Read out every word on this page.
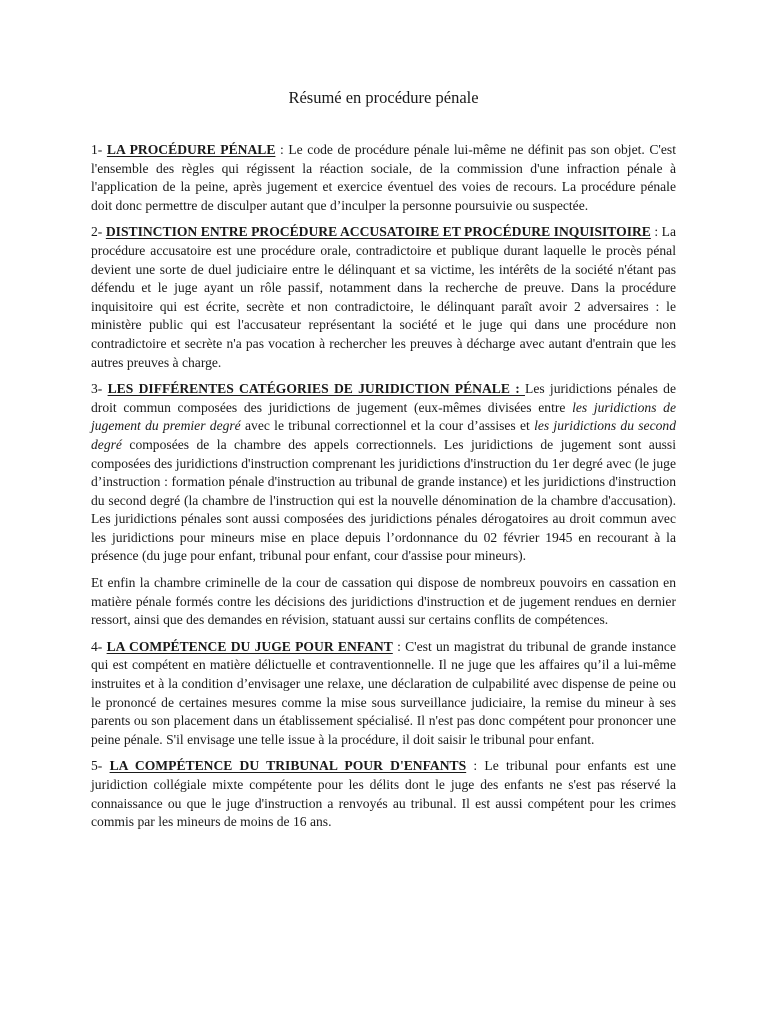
Résumé en procédure pénale

1- LA PROCÉDURE PÉNALE : Le code de procédure pénale lui-même ne définit pas son objet. C'est l'ensemble des règles qui régissent la réaction sociale, de la commission d'une infraction pénale à l'application de la peine, après jugement et exercice éventuel des voies de recours. La procédure pénale doit donc permettre de disculper autant que d’inculper la personne poursuivie ou suspectée.

2- DISTINCTION ENTRE PROCÉDURE ACCUSATOIRE ET PROCÉDURE INQUISITOIRE : La procédure accusatoire est une procédure orale, contradictoire et publique durant laquelle le procès pénal devient une sorte de duel judiciaire entre le délinquant et sa victime, les intérêts de la société n'étant pas défendu et le juge ayant un rôle passif, notamment dans la recherche de preuve. Dans la procédure inquisitoire qui est écrite, secrète et non contradictoire, le délinquant paraît avoir 2 adversaires : le ministère public qui est l'accusateur représentant la société et le juge qui dans une procédure non contradictoire et secrète n'a pas vocation à rechercher les preuves à décharge avec autant d'entrain que les autres preuves à charge.

3- LES DIFFÉRENTES CATÉGORIES DE JURIDICTION PÉNALE : Les juridictions pénales de droit commun composées des juridictions de jugement (eux-mêmes divisées entre les juridictions de jugement du premier degré avec le tribunal correctionnel et la cour d’assises et les juridictions du second degré composées de la chambre des appels correctionnels. Les juridictions de jugement sont aussi composées des juridictions d'instruction comprenant les juridictions d'instruction du 1er degré avec (le juge d’instruction : formation pénale d'instruction au tribunal de grande instance) et les juridictions d'instruction du second degré (la chambre de l'instruction qui est la nouvelle dénomination de la chambre d'accusation). Les juridictions pénales sont aussi composées des juridictions pénales dérogatoires au droit commun avec les juridictions pour mineurs mise en place depuis l’ordonnance du 02 février 1945 en recourant à la présence (du juge pour enfant, tribunal pour enfant, cour d'assise pour mineurs).

Et enfin la chambre criminelle de la cour de cassation qui dispose de nombreux pouvoirs en cassation en matière pénale formés contre les décisions des juridictions d'instruction et de jugement rendues en dernier ressort, ainsi que des demandes en révision, statuant aussi sur certains conflits de compétences.

4- LA COMPÉTENCE DU JUGE POUR ENFANT : C'est un magistrat du tribunal de grande instance qui est compétent en matière délictuelle et contraventionnelle. Il ne juge que les affaires qu’il a lui-même instruites et à la condition d’envisager une relaxe, une déclaration de culpabilité avec dispense de peine ou le prononcé de certaines mesures comme la mise sous surveillance judiciaire, la remise du mineur à ses parents ou son placement dans un établissement spécialisé. Il n'est pas donc compétent pour prononcer une peine pénale. S'il envisage une telle issue à la procédure, il doit saisir le tribunal pour enfant.

5- LA COMPÉTENCE DU TRIBUNAL POUR D'ENFANTS : Le tribunal pour enfants est une juridiction collégiale mixte compétente pour les délits dont le juge des enfants ne s'est pas réservé la connaissance ou que le juge d'instruction a renvoyés au tribunal. Il est aussi compétent pour les crimes commis par les mineurs de moins de 16 ans.
